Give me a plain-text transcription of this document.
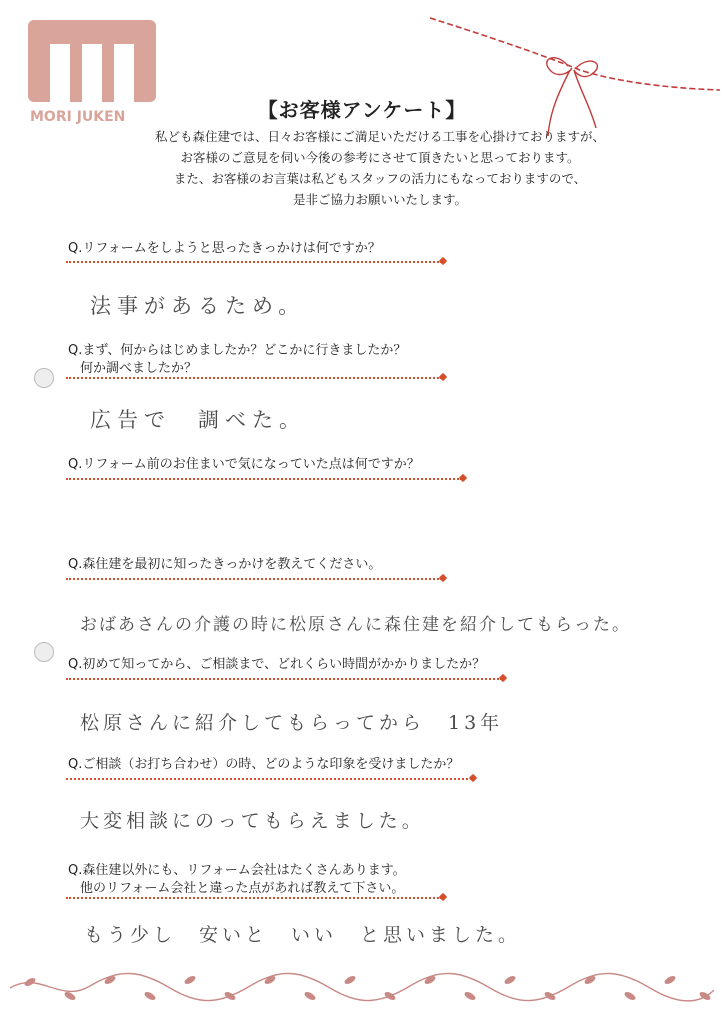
MORI JUKEN	【お客様アンケート】
私ども森住建では、日々お客様にご満足いただける工事を心掛けておりますが、
お客様のご意見を伺い今後の参考にさせて頂きたいと思っております。
また、お客様のお言葉は私どもスタッフの活力にもなっておりますので、
是非ご協力お願いいたします。
Q.リフォームをしようと思ったきっかけは何ですか？
法事があるため。
Q.まず、何からはじめましたか？どこかに行きましたか？
何か調べましたか？
広告で　調べた。
Q.リフォーム前のお住まいで気になっていた点は何ですか？
Q.森住建を最初に知ったきっかけを教えてください。
おばあさんの介護の時に松原さんに森住建を紹介してもらった。
Q.初めて知ってから、ご相談まで、どれくらい時間がかかりましたか？
松原さんに紹介してもらってから　13年
Q.ご相談（お打ち合わせ）の時、どのような印象を受けましたか？
大変相談にのってもらえました。
Q.森住建以外にも、リフォーム会社はたくさんあります。
他のリフォーム会社と違った点があれば教えて下さい。
もう少し　安いと　いい　と思いました。
